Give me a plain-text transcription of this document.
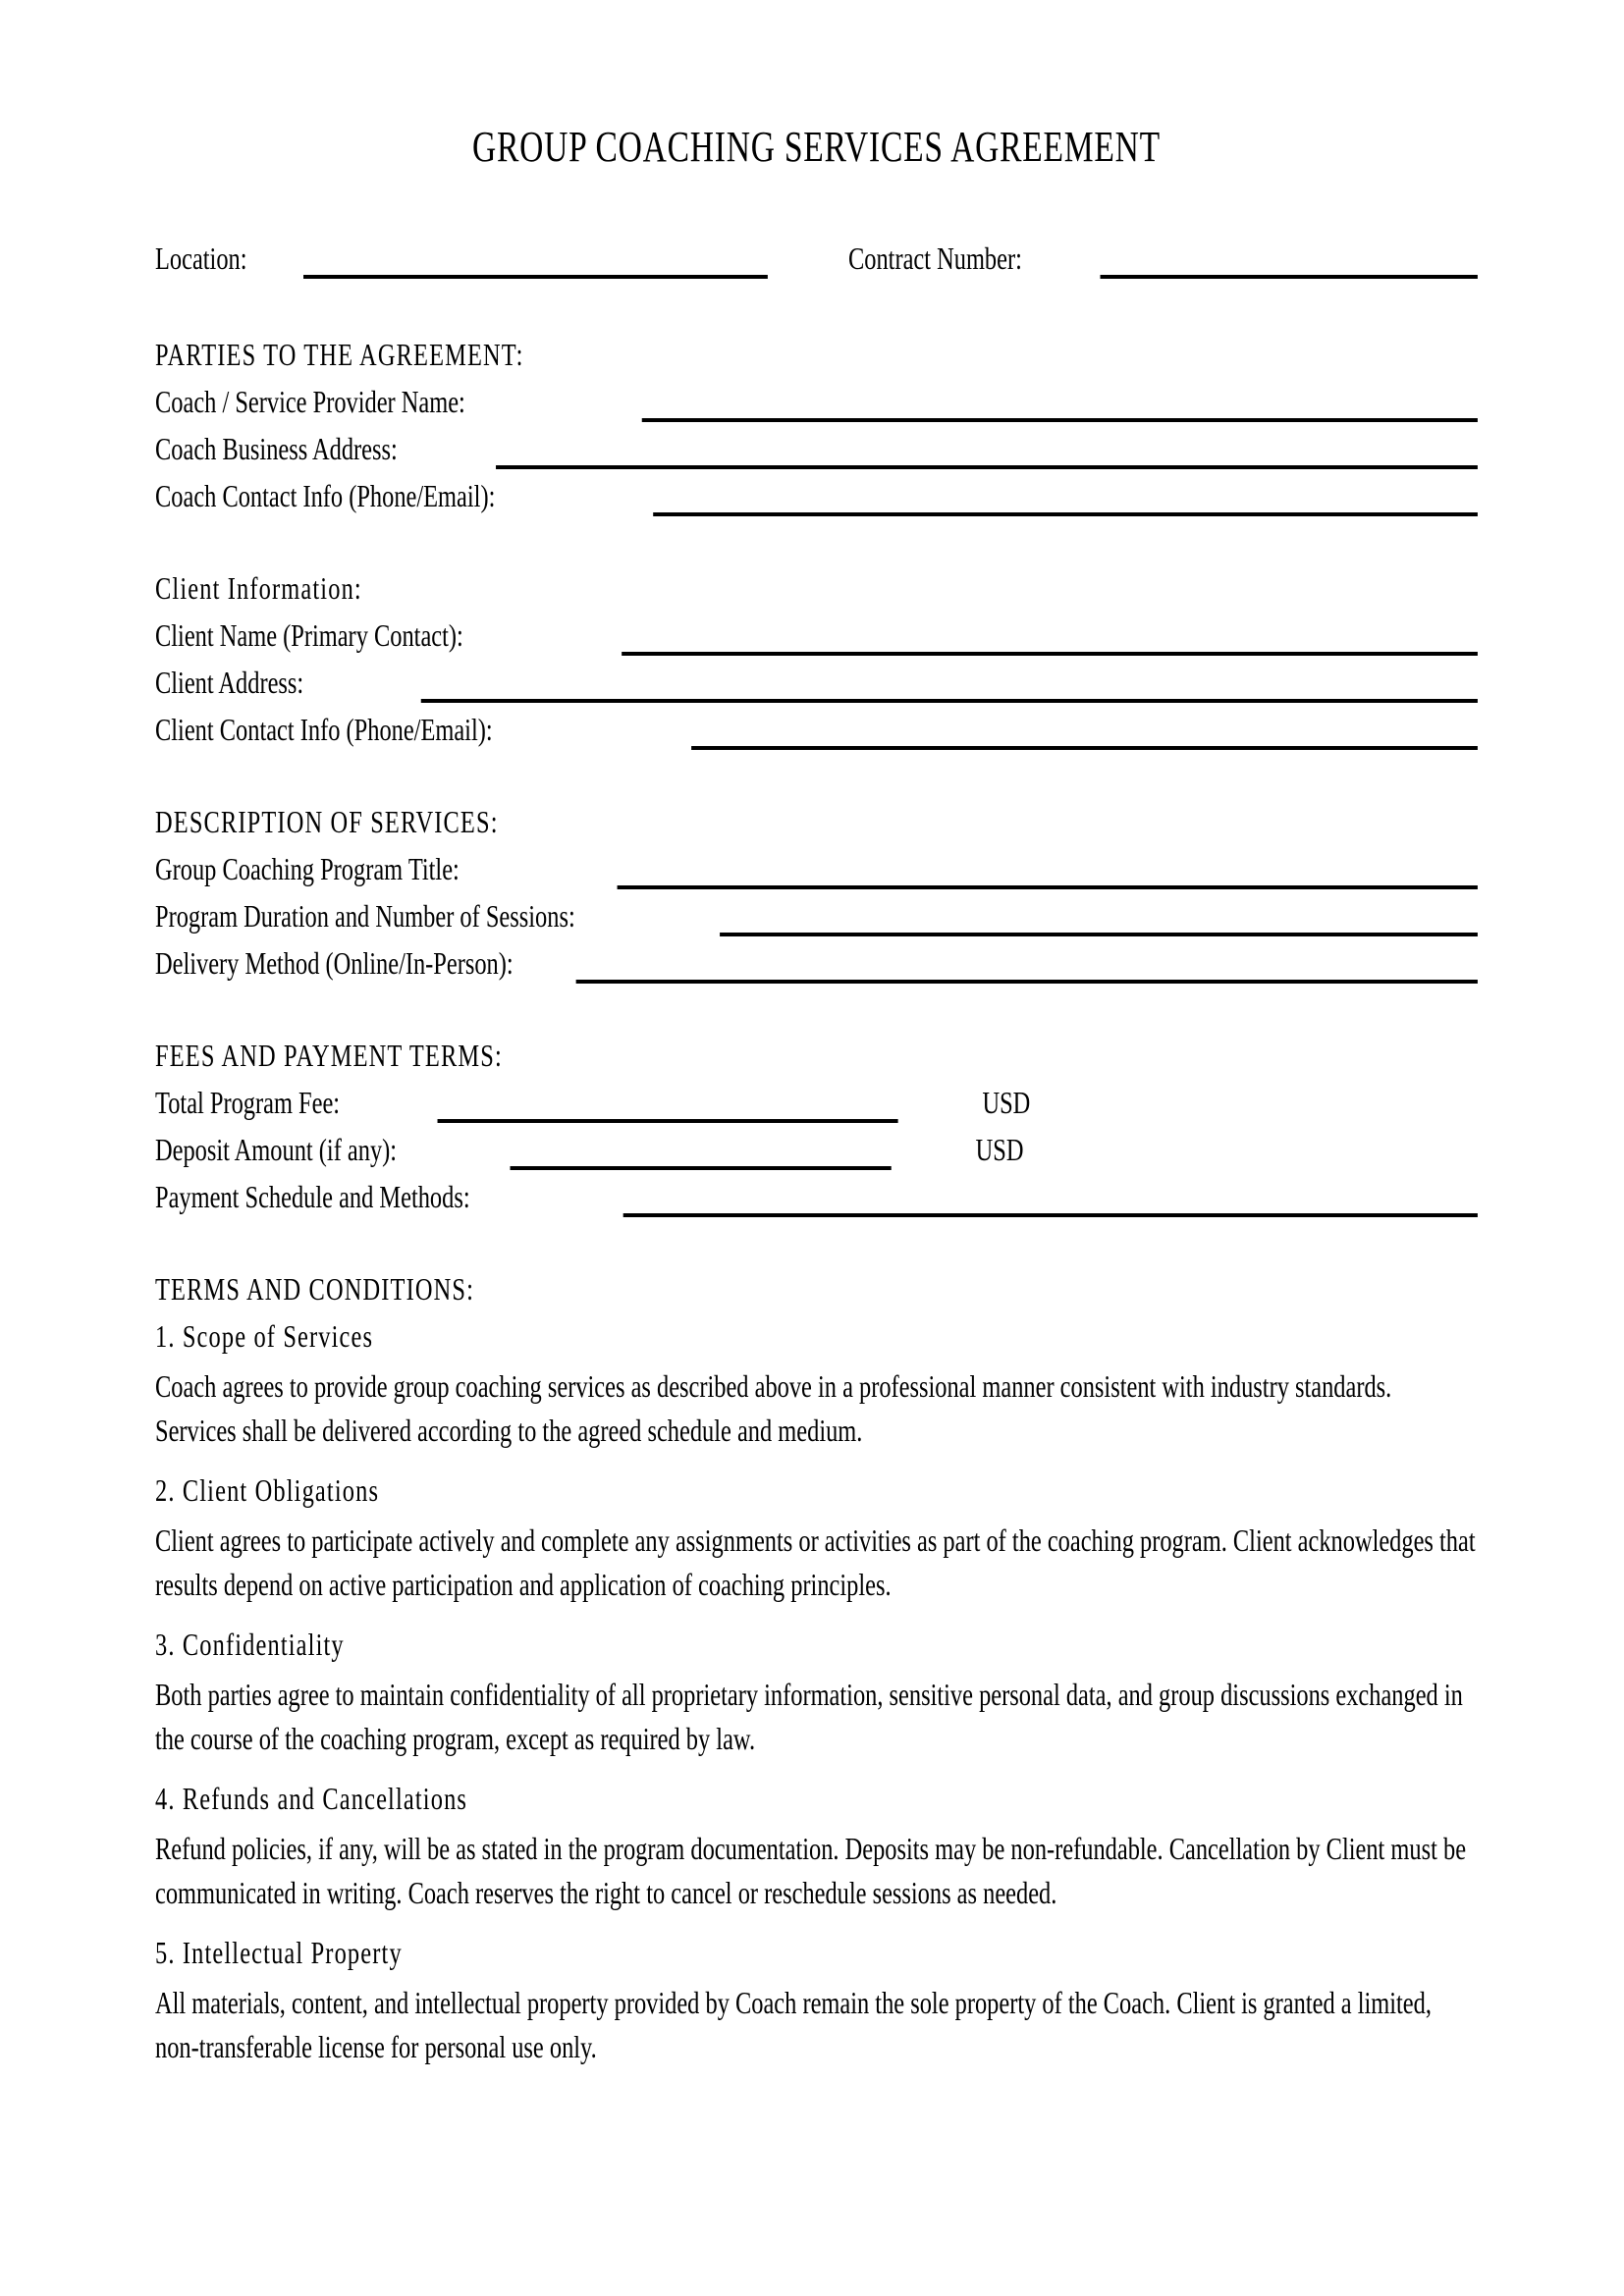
GROUP COACHING SERVICES AGREEMENT
Location:	Contract Number:
PARTIES TO THE AGREEMENT:
Coach / Service Provider Name:
Coach Business Address:
Coach Contact Info (Phone/Email):
Client Information:
Client Name (Primary Contact):
Client Address:
Client Contact Info (Phone/Email):
DESCRIPTION OF SERVICES:
Group Coaching Program Title:
Program Duration and Number of Sessions:
Delivery Method (Online/In-Person):
FEES AND PAYMENT TERMS:
Total Program Fee:	USD
Deposit Amount (if any):	USD
Payment Schedule and Methods:
TERMS AND CONDITIONS:
1. Scope of Services

Coach agrees to provide group coaching services as described above in a professional manner consistent with industry standards. Services shall be delivered according to the agreed schedule and medium.

2. Client Obligations

Client agrees to participate actively and complete any assignments or activities as part of the coaching program. Client acknowledges that results depend on active participation and application of coaching principles.

3. Confidentiality

Both parties agree to maintain confidentiality of all proprietary information, sensitive personal data, and group discussions exchanged in the course of the coaching program, except as required by law.

4. Refunds and Cancellations

Refund policies, if any, will be as stated in the program documentation. Deposits may be non-refundable. Cancellation by Client must be communicated in writing. Coach reserves the right to cancel or reschedule sessions as needed.

5. Intellectual Property

All materials, content, and intellectual property provided by Coach remain the sole property of the Coach. Client is granted a limited, non-transferable license for personal use only.
